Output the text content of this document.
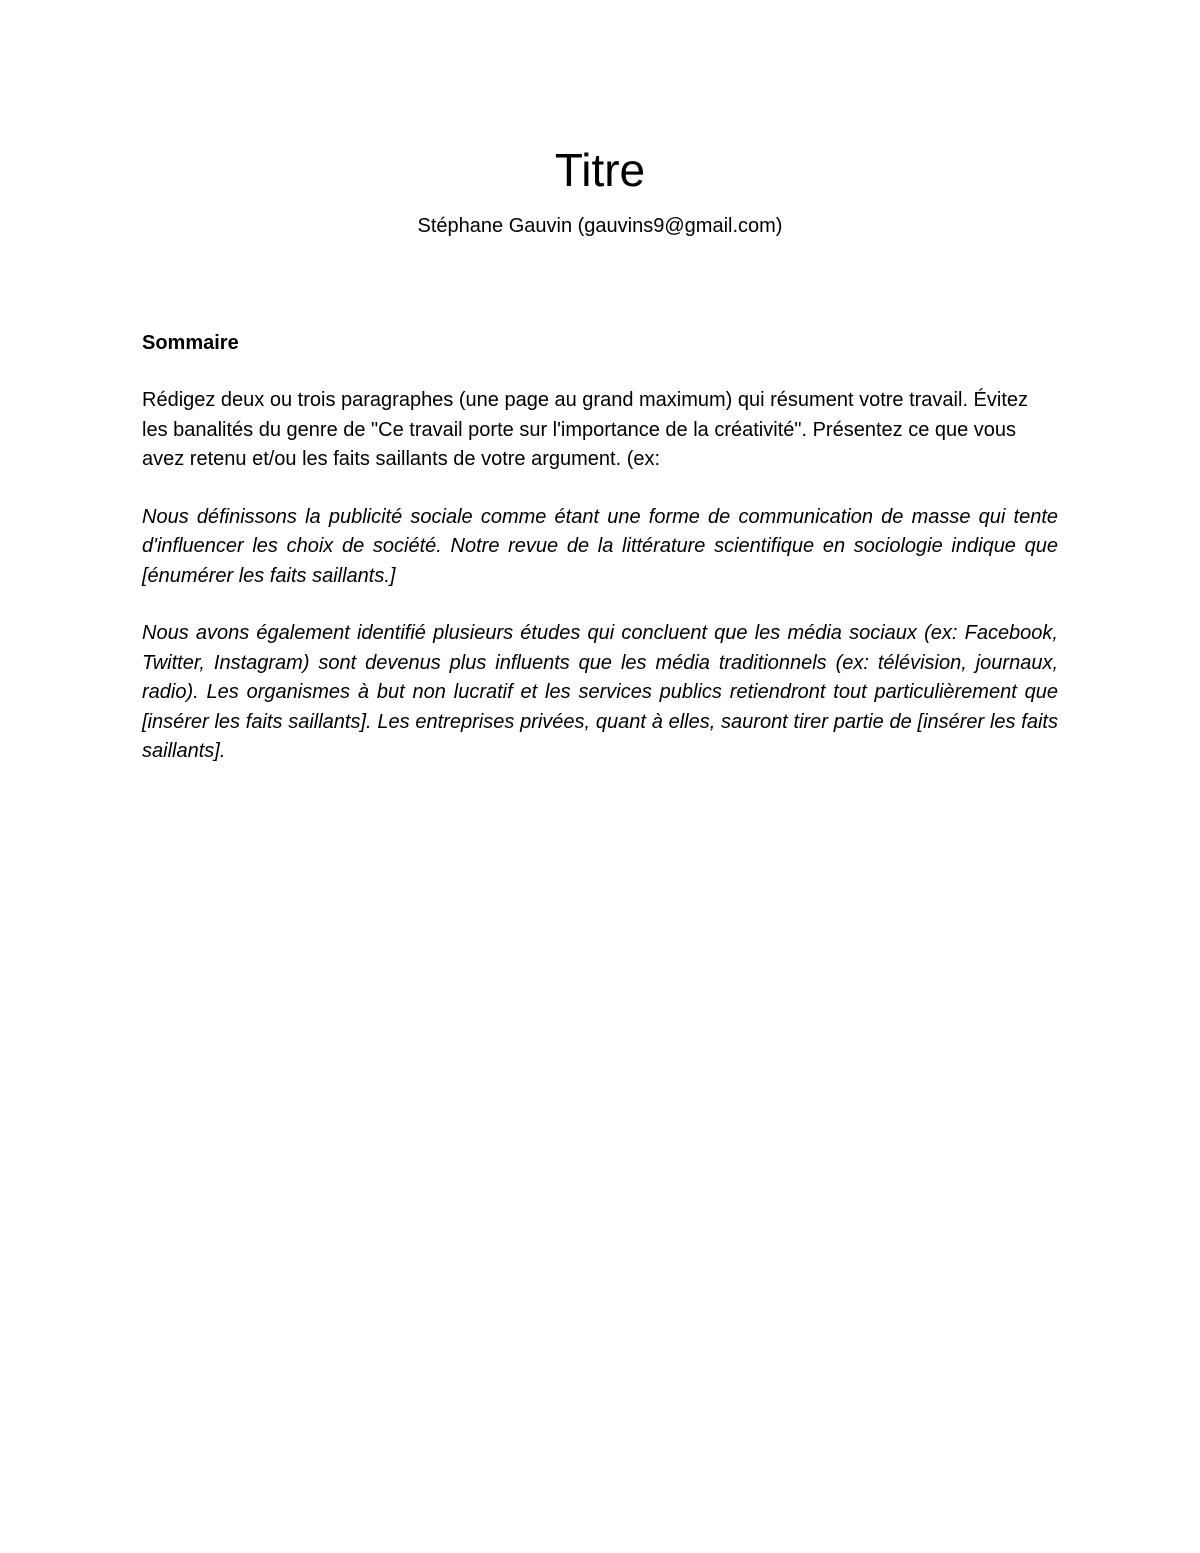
Titre

Stéphane Gauvin (gauvins9@gmail.com)

Sommaire

Rédigez deux ou trois paragraphes (une page au grand maximum) qui résument votre travail. Évitez les banalités du genre de "Ce travail porte sur l'importance de la créativité". Présentez ce que vous avez retenu et/ou les faits saillants de votre argument. (ex:

Nous définissons la publicité sociale comme étant une forme de communication de masse qui tente d'influencer les choix de société. Notre revue de la littérature scientifique en sociologie indique que [énumérer les faits saillants.]

Nous avons également identifié plusieurs études qui concluent que les média sociaux (ex: Facebook, Twitter, Instagram) sont devenus plus influents que les média traditionnels (ex: télévision, journaux, radio). Les organismes à but non lucratif et les services publics retiendront tout particulièrement que [insérer les faits saillants]. Les entreprises privées, quant à elles, sauront tirer partie de [insérer les faits saillants].
